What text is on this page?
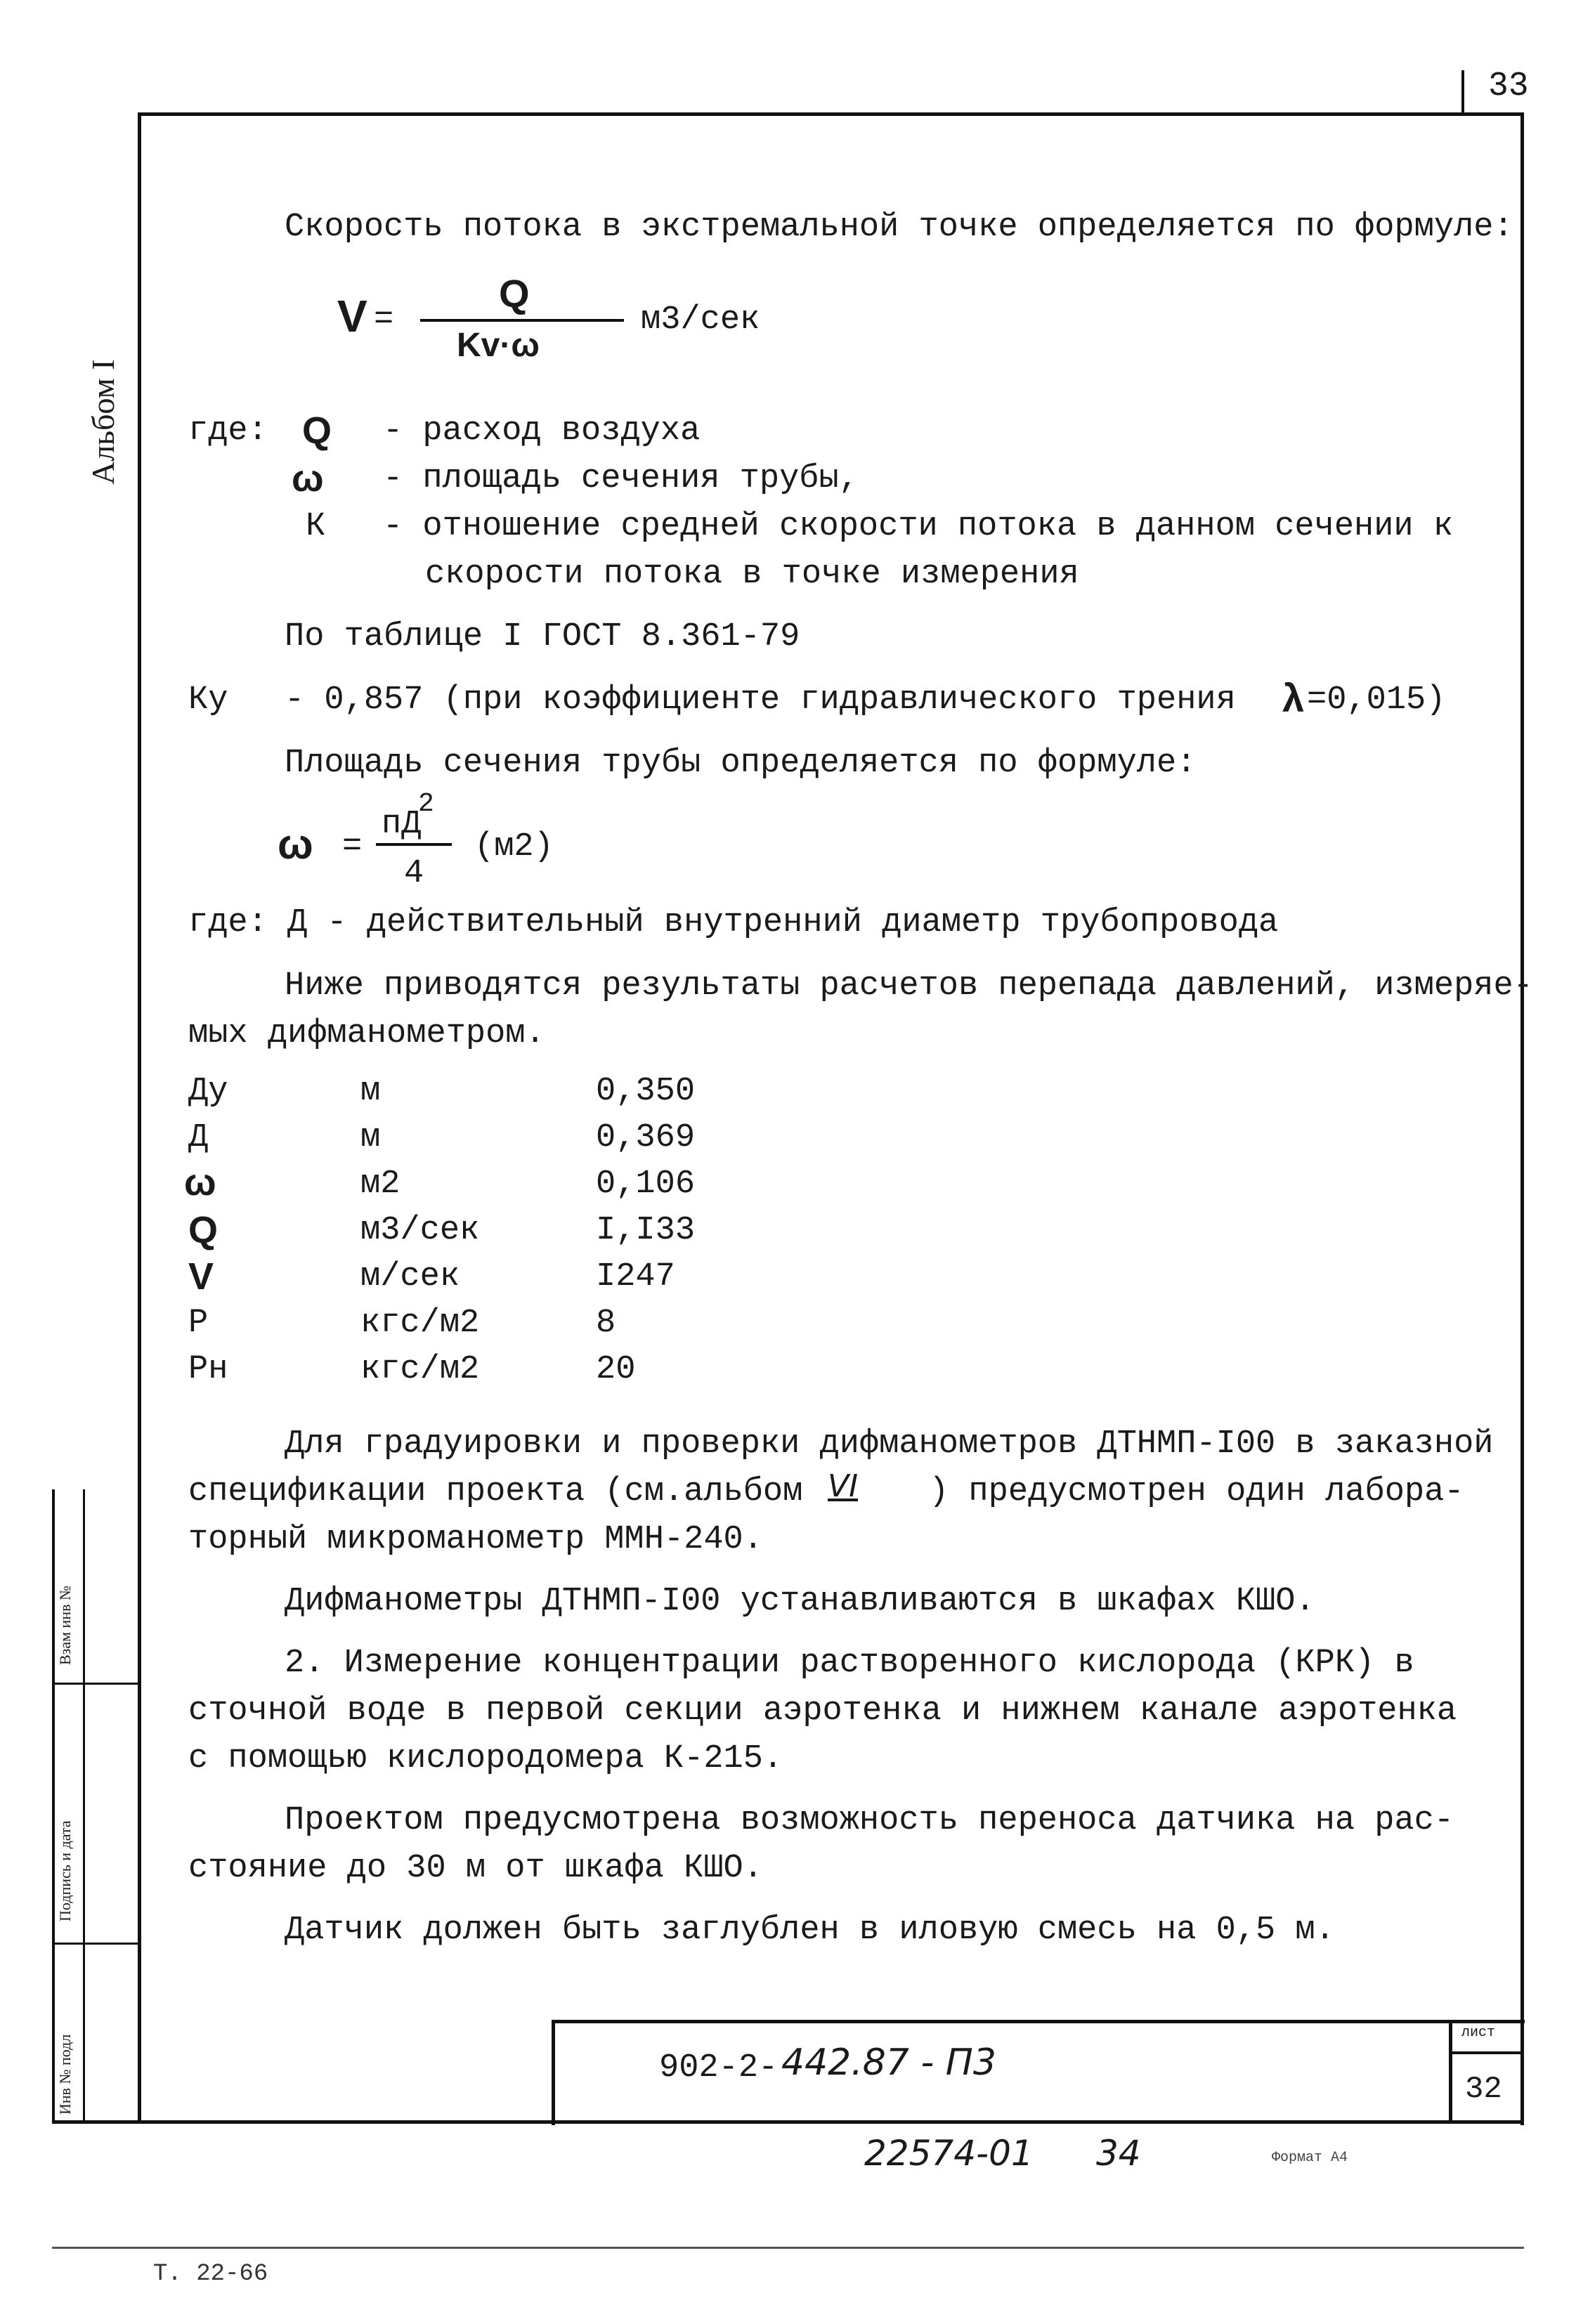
33
Альбом I
Взам инв №
Подпись и дата
Инв № подл
Скорость потока в экстремальной точке определяется по формуле:
V =
Q
Kv·ω
м3/сек
где: Q - расход воздуха
ω - площадь сечения трубы,
К - отношение средней скорости потока в данном сечении к
скорости потока в точке измерения
По таблице I ГОСТ 8.361-79
Ку - 0,857 (при коэффициенте гидравлического трения λ =0,015)
Площадь сечения трубы определяется по формуле:
ω =
пД
2
4
(м2)
где: Д - действительный внутренний диаметр трубопровода
Ниже приводятся результаты расчетов перепада давлений, измеряе-
мых дифманометром.
Ду	м	0,350
Д	м	0,369
ω	м2	0,106
Q	м3/сек	I,I33
V	м/сек	I247
Р	кгс/м2	8
Рн	кгс/м2	20
Для градуировки и проверки дифманометров ДТНМП-I00 в заказной
спецификации проекта (см.альбом VI ) предусмотрен один лабора-
торный микроманометр ММН-240.
Дифманометры ДТНМП-I00 устанавливаются в шкафах КШО.
2. Измерение концентрации растворенного кислорода (КРК) в
сточной воде в первой секции аэротенка и нижнем канале аэротенка
с помощью кислородомера К-215.
Проектом предусмотрена возможность переноса датчика на рас-
стояние до 30 м от шкафа КШО.
Датчик должен быть заглублен в иловую смесь на 0,5 м.
902-2- 442.87 - П3
лист
32
22574-01 34	Формат А4
Т. 22-66
